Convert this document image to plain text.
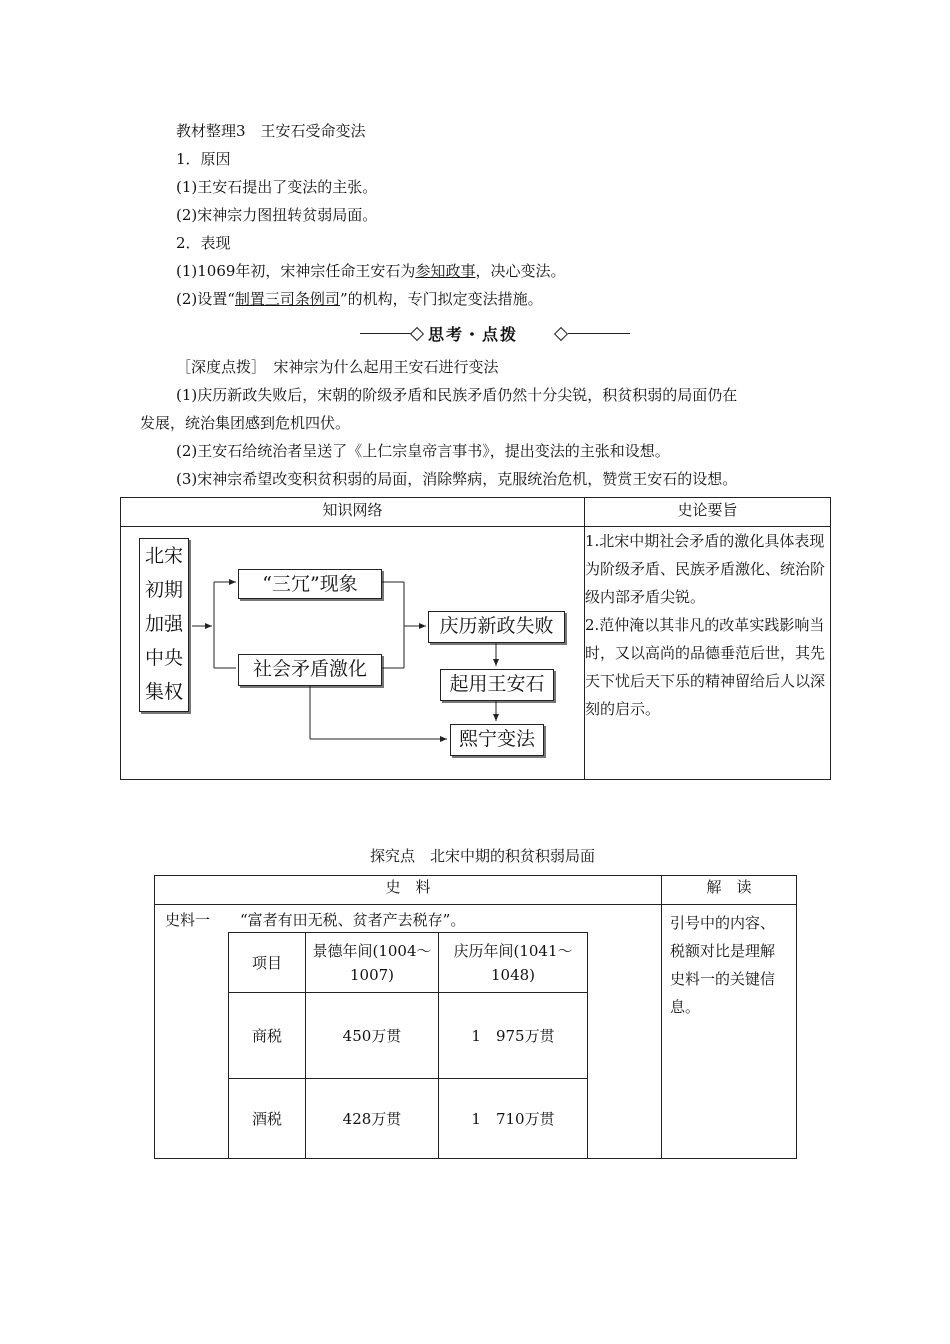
教材整理3　王安石受命变法
1．原因
(1)王安石提出了变法的主张。
(2)宋神宗力图扭转贫弱局面。
2．表现
(1)1069年初，宋神宗任命王安石为参知政事，决心变法。
(2)设置“制置三司条例司”的机构，专门拟定变法措施。
思考・点拨
［深度点拨］　宋神宗为什么起用王安石进行变法
(1)庆历新政失败后，宋朝的阶级矛盾和民族矛盾仍然十分尖锐，积贫积弱的局面仍在
发展，统治集团感到危机四伏。
(2)王安石给统治者呈送了《上仁宗皇帝言事书》，提出变法的主张和设想。
(3)宋神宗希望改变积贫积弱的局面，消除弊病，克服统治危机，赞赏王安石的设想。
知识网络	史论要旨

	1.北宋中期社会矛盾的激化具体表现为阶级矛盾、民族矛盾激化、统治阶级内部矛盾尖锐。
2.范仲淹以其非凡的改革实践影响当时，又以高尚的品德垂范后世，其先天下忧后天下乐的精神留给后人以深刻的启示。
北宋
初期
加强
中央
集权
“三冗”现象
社会矛盾激化
庆历新政失败
起用王安石
熙宁变法
探究点　北宋中期的积贫积弱局面
史　料	解　读
史料一 “富者有田无税、贫者产去税存”。	引号中的内容、税额对比是理解史料一的关键信息。
项目	景德年间(1004～1007)	庆历年间(1041～1048)
商税	450万贯	1　975万贯
酒税	428万贯	1　710万贯
